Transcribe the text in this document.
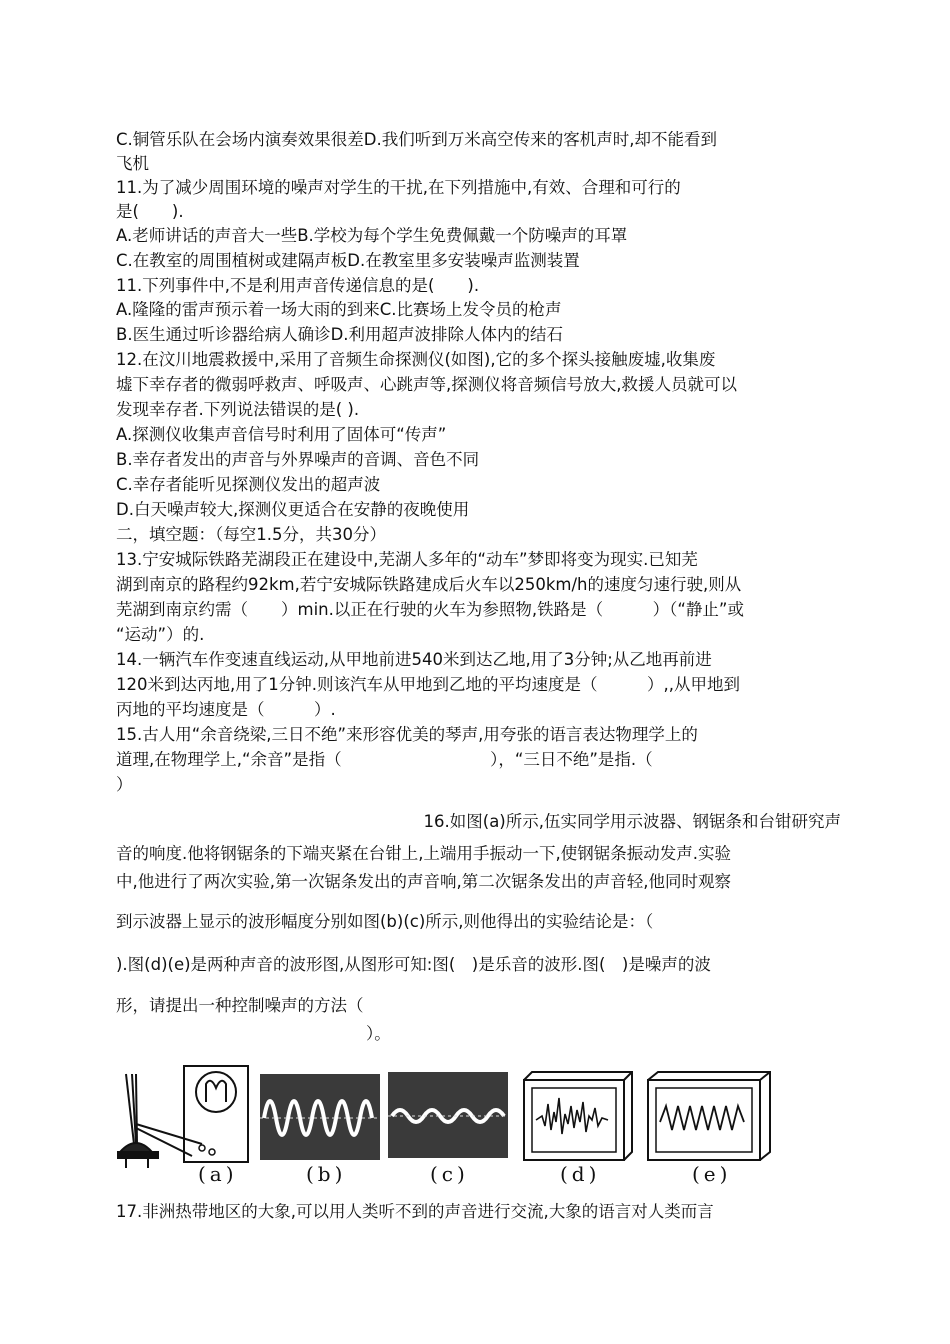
C.铜管乐队在会场内演奏效果很差D.我们听到万米高空传来的客机声时,却不能看到
飞机
11.为了减少周围环境的噪声对学生的干扰,在下列措施中,有效、合理和可行的
是(　　).
A.老师讲话的声音大一些B.学校为每个学生免费佩戴一个防噪声的耳罩
C.在教室的周围植树或建隔声板D.在教室里多安装噪声监测装置
11.下列事件中,不是利用声音传递信息的是(　　).
A.隆隆的雷声预示着一场大雨的到来C.比赛场上发令员的枪声
B.医生通过听诊器给病人确诊D.利用超声波排除人体内的结石
12.在汶川地震救援中,采用了音频生命探测仪(如图),它的多个探头接触废墟,收集废
墟下幸存者的微弱呼救声、呼吸声、心跳声等,探测仪将音频信号放大,救援人员就可以
发现幸存者.下列说法错误的是( ).
A.探测仪收集声音信号时利用了固体可“传声”
B.幸存者发出的声音与外界噪声的音调、音色不同
C.幸存者能听见探测仪发出的超声波
D.白天噪声较大,探测仪更适合在安静的夜晚使用
二，填空题：（每空1.5分，共30分）
13.宁安城际铁路芜湖段正在建设中,芜湖人多年的“动车”梦即将变为现实.已知芜
湖到南京的路程约92km,若宁安城际铁路建成后火车以250km/h的速度匀速行驶,则从
芜湖到南京约需（　　）min.以正在行驶的火车为参照物,铁路是（　　　）（“静止”或
“运动”）的.
14.一辆汽车作变速直线运动,从甲地前进540米到达乙地,用了3分钟;从乙地再前进
120米到达丙地,用了1分钟.则该汽车从甲地到乙地的平均速度是（　　　）,,从甲地到
丙地的平均速度是（　　　）.
15.古人用“余音绕梁,三日不绝”来形容优美的琴声,用夸张的语言表达物理学上的
道理,在物理学上,“余音”是指（　　　　　　　　　），“三日不绝”是指.（
）
16.如图(a)所示,伍实同学用示波器、钢锯条和台钳研究声
音的响度.他将钢锯条的下端夹紧在台钳上,上端用手振动一下,使钢锯条振动发声.实验
中,他进行了两次实验,第一次锯条发出的声音响,第二次锯条发出的声音轻,他同时观察
到示波器上显示的波形幅度分别如图(b)(c)所示,则他得出的实验结论是：（
).图(d)(e)是两种声音的波形图,从图形可知:图(　)是乐音的波形.图(　)是噪声的波
形，请提出一种控制噪声的方法（
）。
(a)	(b)	(c)	(d)	(e)
17.非洲热带地区的大象,可以用人类听不到的声音进行交流,大象的语言对人类而言
